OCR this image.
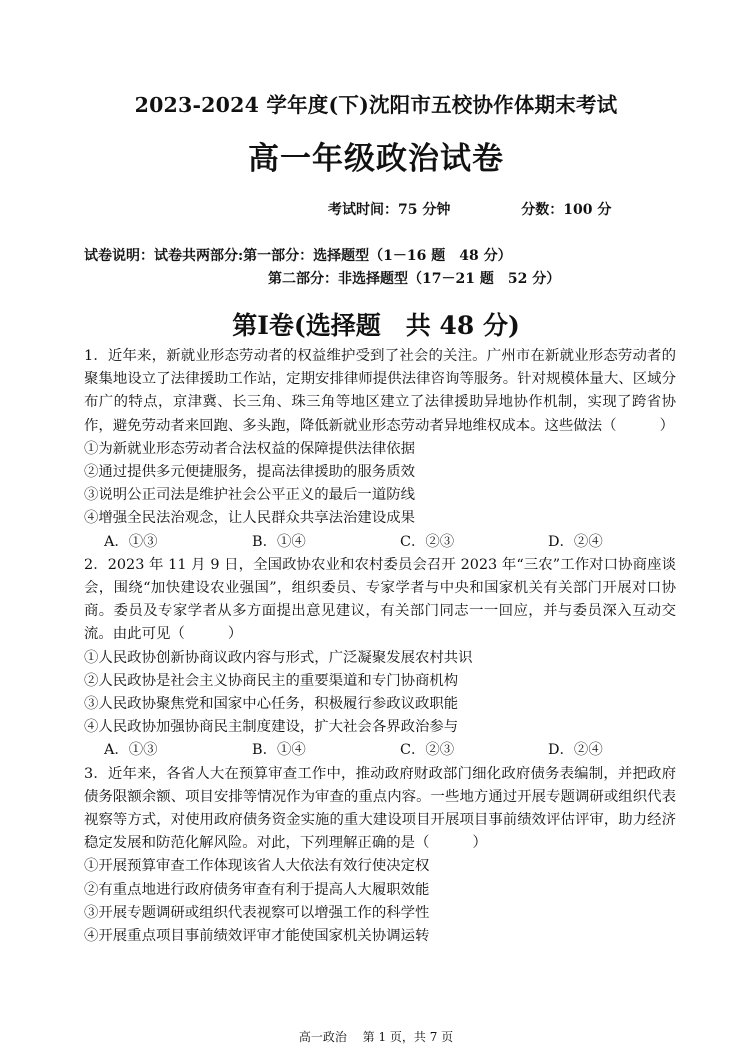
2023-2024 学年度(下)沈阳市五校协作体期末考试
高一年级政治试卷
考试时间：75 分钟	分数：100 分
试卷说明：试卷共两部分:第一部分：选择题型（1－16 题　48 分）
第二部分：非选择题型（17－21 题　52 分）
第Ⅰ卷(选择题　共 48 分)

1．近年来，新就业形态劳动者的权益维护受到了社会的关注。广州市在新就业形态劳动者的聚集地设立了法律援助工作站，定期安排律师提供法律咨询等服务。针对规模体量大、区域分布广的特点，京津冀、长三角、珠三角等地区建立了法律援助异地协作机制，实现了跨省协作，避免劳动者来回跑、多头跑，降低新就业形态劳动者异地维权成本。这些做法（　　　）

①为新就业形态劳动者合法权益的保障提供法律依据

②通过提供多元便捷服务，提高法律援助的服务质效

③说明公正司法是维护社会公平正义的最后一道防线

④增强全民法治观念，让人民群众共享法治建设成果

A．①③	B．①④	C．②③	D．②④

2．2023 年 11 月 9 日，全国政协农业和农村委员会召开 2023 年“三农”工作对口协商座谈会，围绕“加快建设农业强国”，组织委员、专家学者与中央和国家机关有关部门开展对口协商。委员及专家学者从多方面提出意见建议，有关部门同志一一回应，并与委员深入互动交流。由此可见（　　　）

①人民政协创新协商议政内容与形式，广泛凝聚发展农村共识

②人民政协是社会主义协商民主的重要渠道和专门协商机构

③人民政协聚焦党和国家中心任务，积极履行参政议政职能

④人民政协加强协商民主制度建设，扩大社会各界政治参与

A．①③	B．①④	C．②③	D．②④

3．近年来，各省人大在预算审查工作中，推动政府财政部门细化政府债务表编制，并把政府债务限额余额、项目安排等情况作为审查的重点内容。一些地方通过开展专题调研或组织代表视察等方式，对使用政府债务资金实施的重大建设项目开展项目事前绩效评估评审，助力经济稳定发展和防范化解风险。对此，下列理解正确的是（　　　）

①开展预算审查工作体现该省人大依法有效行使决定权

②有重点地进行政府债务审查有利于提高人大履职效能

③开展专题调研或组织代表视察可以增强工作的科学性

④开展重点项目事前绩效评审才能使国家机关协调运转

高一政治 第 1 页，共 7 页
